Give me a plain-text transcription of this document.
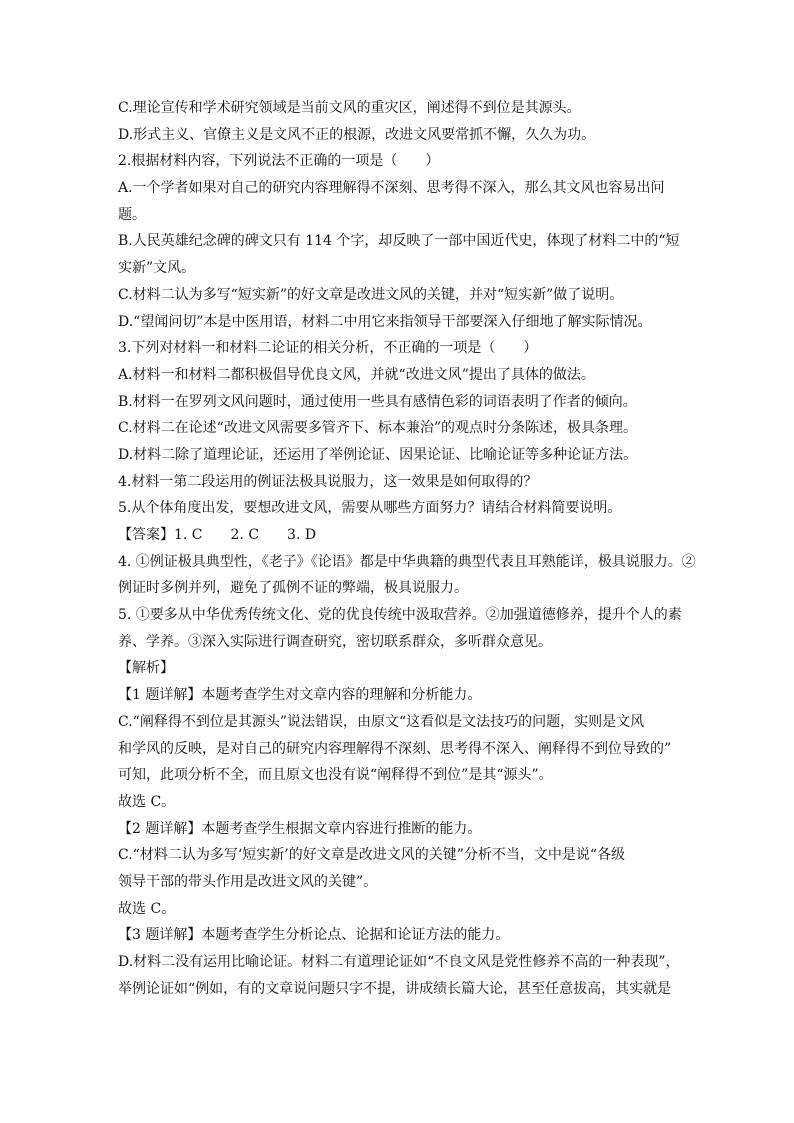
C.理论宣传和学术研究领域是当前文风的重灾区，阐述得不到位是其源头。
D.形式主义、官僚主义是文风不正的根源，改进文风要常抓不懈，久久为功。
2.根据材料内容，下列说法不正确的一项是（　　）
A.一个学者如果对自己的研究内容理解得不深刻、思考得不深入，那么其文风也容易出问
题。
B.人民英雄纪念碑的碑文只有 114 个字，却反映了一部中国近代史，体现了材料二中的“短
实新”文风。
C.材料二认为多写“短实新”的好文章是改进文风的关键，并对“短实新”做了说明。
D.“望闻问切”本是中医用语，材料二中用它来指领导干部要深入仔细地了解实际情况。
3.下列对材料一和材料二论证的相关分析，不正确的一项是（　　）
A.材料一和材料二都积极倡导优良文风，并就“改进文风”提出了具体的做法。
B.材料一在罗列文风问题时，通过使用一些具有感情色彩的词语表明了作者的倾向。
C.材料二在论述“改进文风需要多管齐下、标本兼治”的观点时分条陈述，极具条理。
D.材料二除了道理论证，还运用了举例论证、因果论证、比喻论证等多种论证方法。
4.材料一第二段运用的例证法极具说服力，这一效果是如何取得的？
5.从个体角度出发，要想改进文风，需要从哪些方面努力？请结合材料简要说明。
【答案】1. C　　2. C　　3. D
4. ①例证极具典型性，《老子》《论语》都是中华典籍的典型代表且耳熟能详，极具说服力。②
例证时多例并列，避免了孤例不证的弊端，极具说服力。
5. ①要多从中华优秀传统文化、党的优良传统中汲取营养。②加强道德修养，提升个人的素
养、学养。③深入实际进行调查研究，密切联系群众，多听群众意见。
【解析】
【1 题详解】本题考查学生对文章内容的理解和分析能力。
C.“阐释得不到位是其源头”说法错误，由原文“这看似是文法技巧的问题，实则是文风
和学风的反映，是对自己的研究内容理解得不深刻、思考得不深入、阐释得不到位导致的”
可知，此项分析不全，而且原文也没有说“阐释得不到位”是其“源头”。
故选 C。
【2 题详解】本题考查学生根据文章内容进行推断的能力。
C.“材料二认为多写‘短实新’的好文章是改进文风的关键”分析不当，文中是说“各级
领导干部的带头作用是改进文风的关键”。
故选 C。
【3 题详解】本题考查学生分析论点、论据和论证方法的能力。
D.材料二没有运用比喻论证。材料二有道理论证如“不良文风是党性修养不高的一种表现”，
举例论证如“例如，有的文章说问题只字不提，讲成绩长篇大论，甚至任意拔高，其实就是
